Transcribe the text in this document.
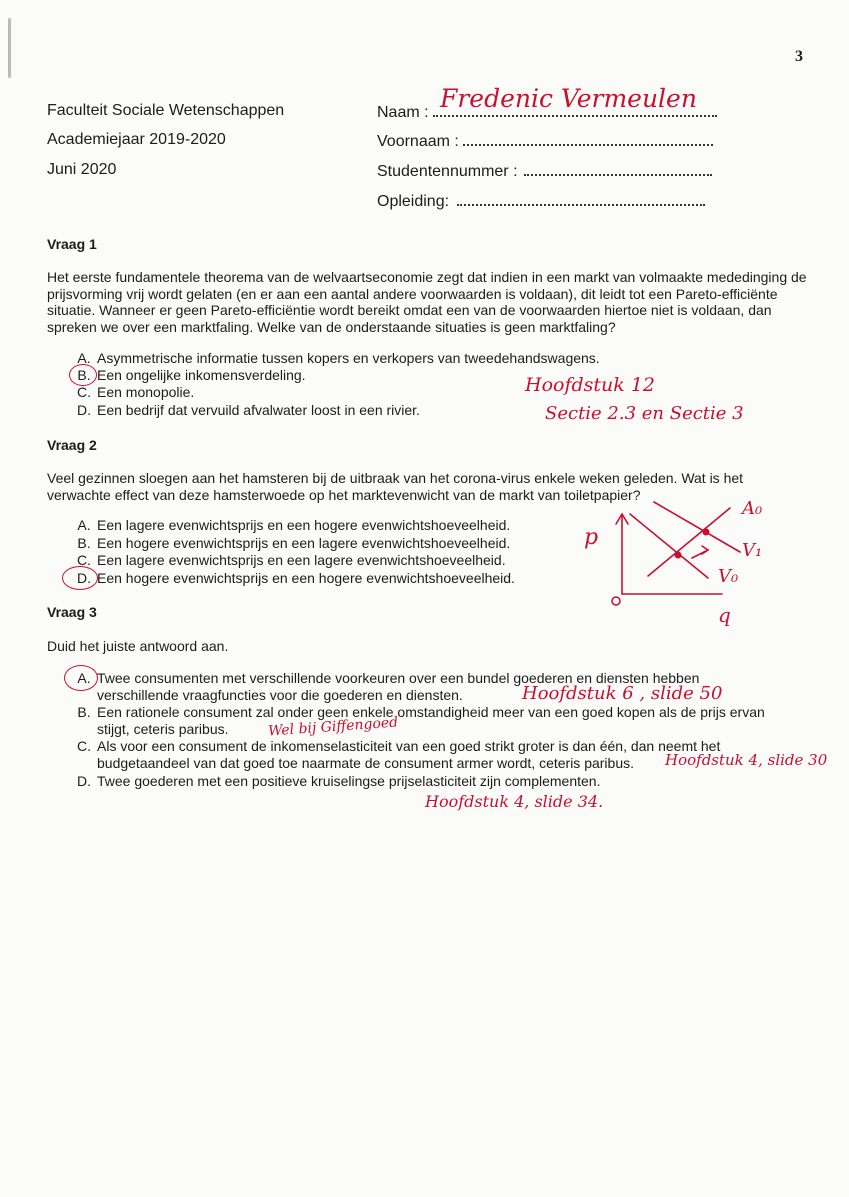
3
Faculteit Sociale Wetenschappen
Academiejaar 2019-2020
Juni 2020
Naam : Fredenic Vermeulen
Voornaam :
Studentennummer :
Opleiding:
Vraag 1
Het eerste fundamentele theorema van de welvaartseconomie zegt dat indien in een markt van volmaakte mededinging de prijsvorming vrij wordt gelaten (en er aan een aantal andere voorwaarden is voldaan), dit leidt tot een Pareto-efficiënte situatie. Wanneer er geen Pareto-efficiëntie wordt bereikt omdat een van de voorwaarden hiertoe niet is voldaan, dan spreken we over een marktfaling. Welke van de onderstaande situaties is geen marktfaling?
A. Asymmetrische informatie tussen kopers en verkopers van tweedehandswagens.
B. Een ongelijke inkomensverdeling.
C. Een monopolie.
D. Een bedrijf dat vervuild afvalwater loost in een rivier.
Hoofdstuk 12
Sectie 2.3 en Sectie 3
Vraag 2
Veel gezinnen sloegen aan het hamsteren bij de uitbraak van het corona-virus enkele weken geleden. Wat is het verwachte effect van deze hamsterwoede op het marktevenwicht van de markt van toiletpapier?
A. Een lagere evenwichtsprijs en een hogere evenwichtshoeveelheid.
B. Een hogere evenwichtsprijs en een lagere evenwichtshoeveelheid.
C. Een lagere evenwichtsprijs en een lagere evenwichtshoeveelheid.
D. Een hogere evenwichtsprijs en een hogere evenwichtshoeveelheid.
p
q
A₀
V₁
V₀
Vraag 3
Duid het juiste antwoord aan.
A. Twee consumenten met verschillende voorkeuren over een bundel goederen en diensten hebben verschillende vraagfuncties voor die goederen en diensten.	Hoofdstuk 6 , slide 50
B. Een rationele consument zal onder geen enkele omstandigheid meer van een goed kopen als de prijs ervan stijgt, ceteris paribus.	Wel bij Giffengoed
C. Als voor een consument de inkomenselasticiteit van een goed strikt groter is dan één, dan neemt het budgetaandeel van dat goed toe naarmate de consument armer wordt, ceteris paribus.	Hoofdstuk 4, slide 30
D. Twee goederen met een positieve kruiselingse prijselasticiteit zijn complementen.
Hoofdstuk 4, slide 34.
